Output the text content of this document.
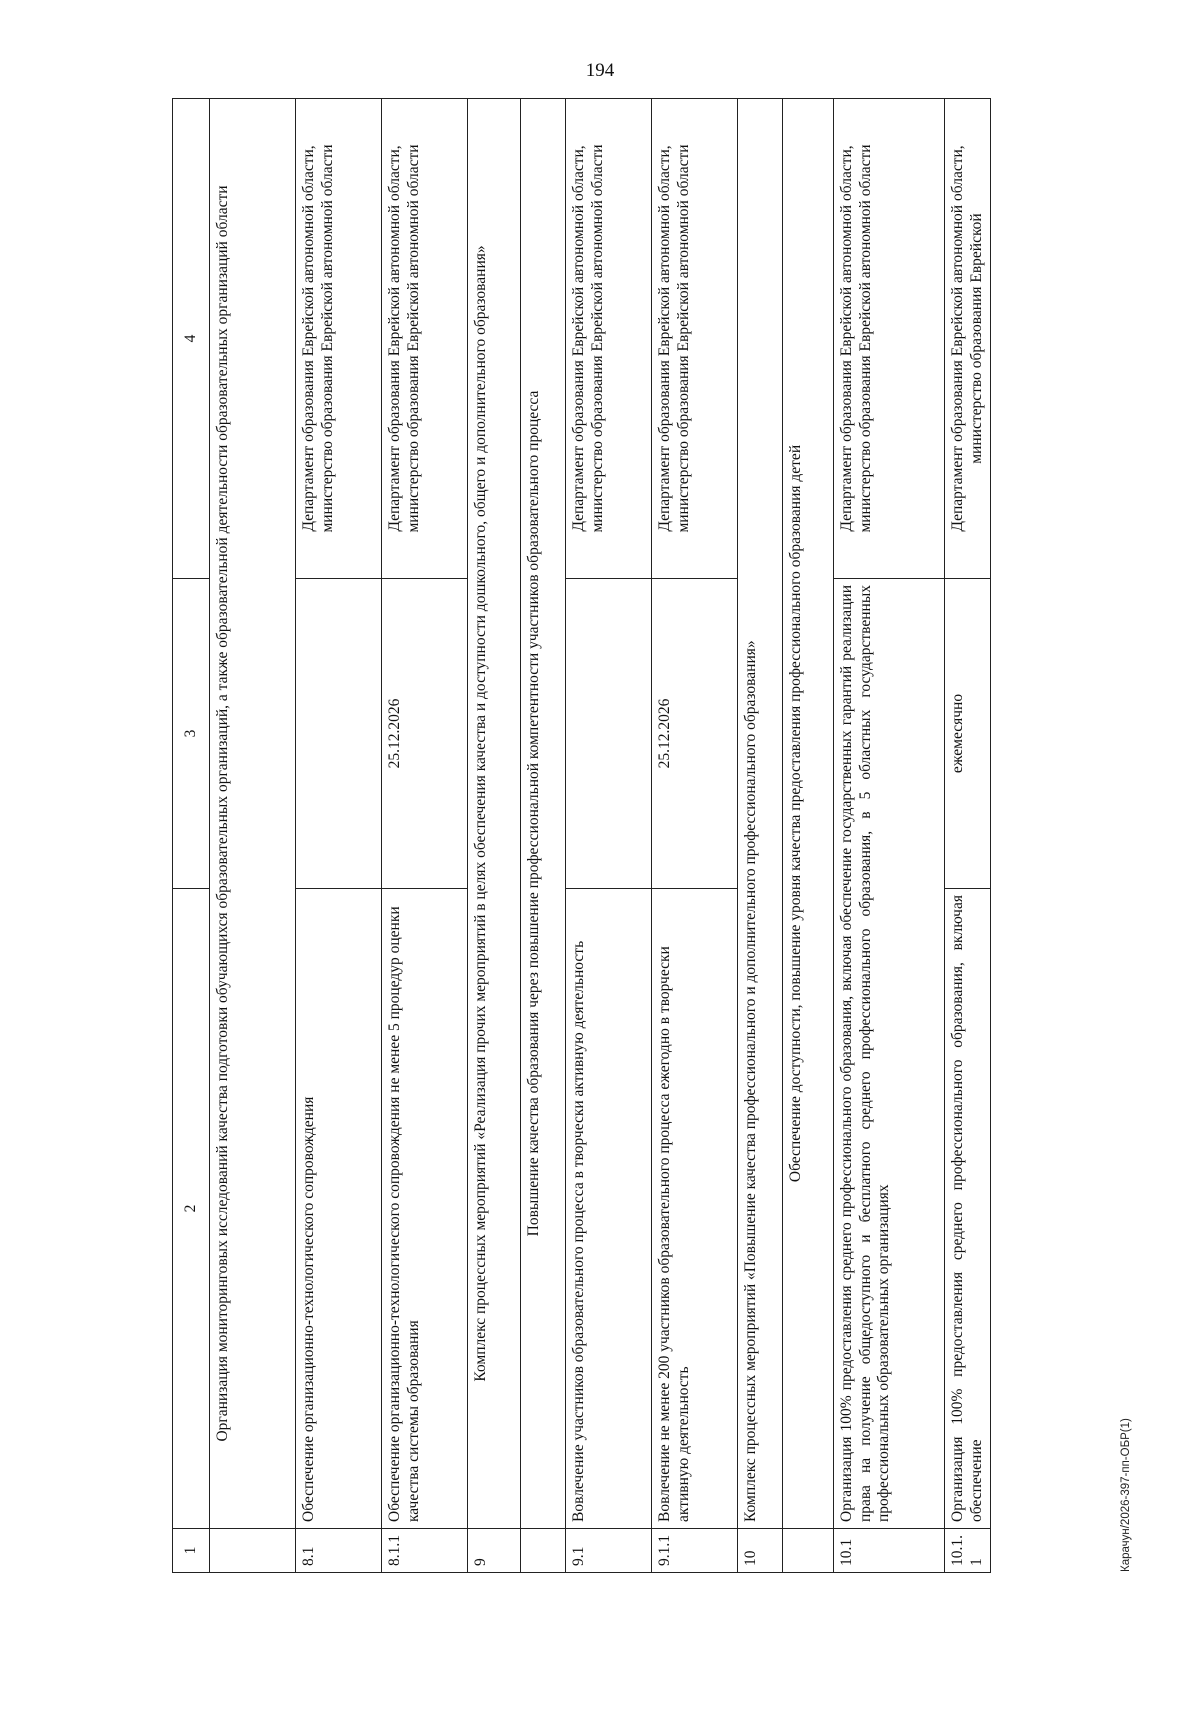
194
1	2	3	4
	Организация мониторинговых исследований качества подготовки обучающихся образовательных организаций, а также образовательной деятельности образовательных организаций области		
8.1	Обеспечение организационно-технологического сопровождения		Департамент образования Еврейской автономной области, министерство образования Еврейской автономной области
8.1.1	Обеспечение организационно-технологического сопровождения не менее 5 процедур оценки качества системы образования	25.12.2026	Департамент образования Еврейской автономной области, министерство образования Еврейской автономной области
9	Комплекс процессных мероприятий «Реализация прочих мероприятий в целях обеспечения качества и доступности дошкольного, общего и дополнительного образования»		
	Повышение качества образования через повышение профессиональной компетентности участников образовательного процесса		
9.1	Вовлечение участников образовательного процесса в творчески активную деятельность		Департамент образования Еврейской автономной области, министерство образования Еврейской автономной области
9.1.1	Вовлечение не менее 200 участников образовательного процесса ежегодно в творчески активную деятельность	25.12.2026	Департамент образования Еврейской автономной области, министерство образования Еврейской автономной области
10	Комплекс процессных мероприятий «Повышение качества профессионального и дополнительного профессионального образования»		
	Обеспечение доступности, повышение уровня качества предоставления профессионального образования детей		
10.1	Организация 100% предоставления среднего профессионального образования, включая обеспечение государственных гарантий реализации права на получение общедоступного и бесплатного среднего профессионального образования, в 5 областных государственных профессиональных образовательных организациях		Департамент образования Еврейской автономной области, министерство образования Еврейской автономной области
10.1.1	Организация 100% предоставления среднего профессионального образования, включая обеспечение	ежемесячно	Департамент образования Еврейской автономной области, министерство образования Еврейской
Карачун/2026-397-пп-ОБР(1)
